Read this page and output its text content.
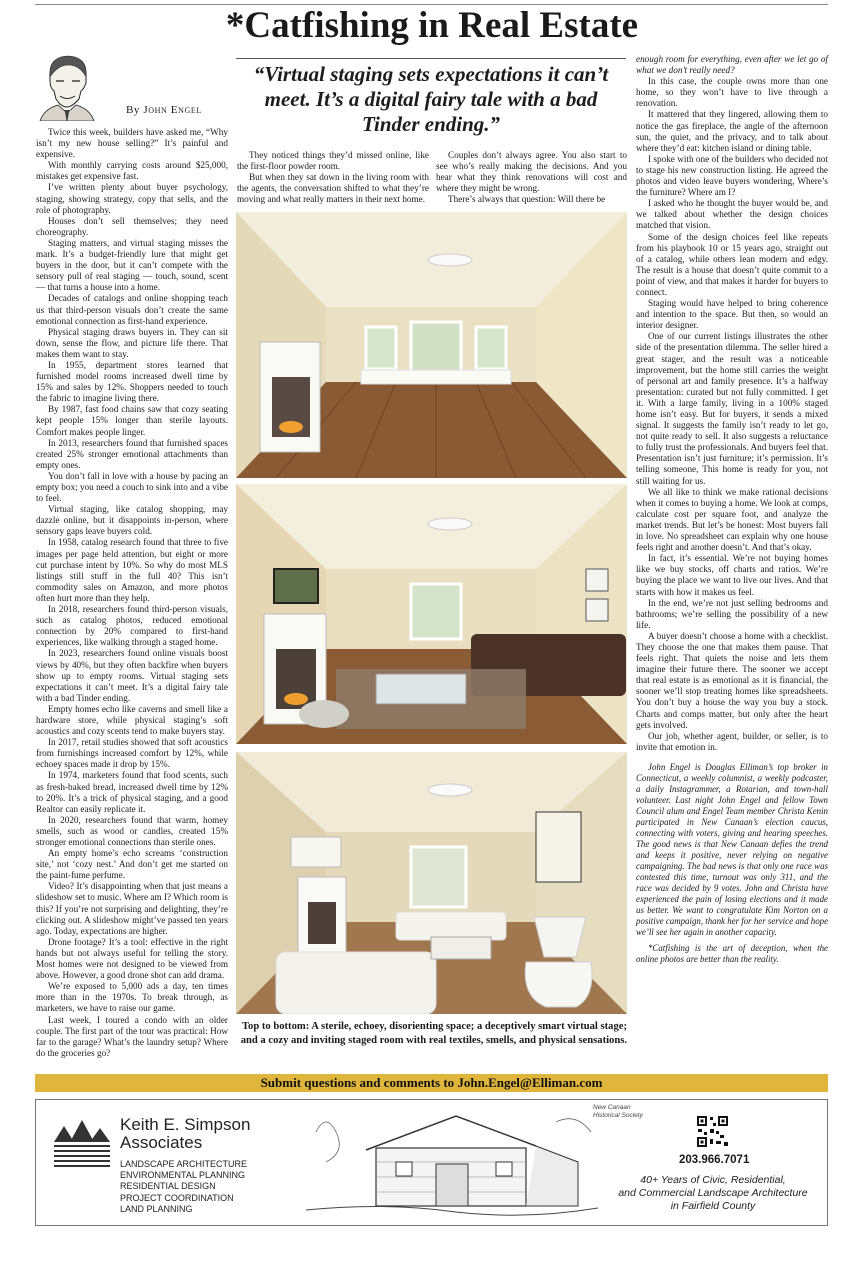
*Catfishing in Real Estate
By John Engel
“Virtual staging sets expectations it can’t meet. It’s a digital fairy tale with a bad Tinder ending.”

Twice this week, builders have asked me, “Why isn’t my new house selling?” It’s painful and expensive.

With monthly carrying costs around $25,000, mistakes get expensive fast.

I’ve written plenty about buyer psychology, staging, showing strategy, copy that sells, and the role of photography.

Houses don’t sell themselves; they need choreography.

Staging matters, and virtual staging misses the mark. It’s a budget-friendly lure that might get buyers in the door, but it can’t compete with the sensory pull of real staging — touch, sound, scent — that turns a house into a home.

Decades of catalogs and online shopping teach us that third-person visuals don’t create the same emotional connection as first-hand experience.

Physical staging draws buyers in. They can sit down, sense the flow, and picture life there. That makes them want to stay.

In 1955, department stores learned that furnished model rooms increased dwell time by 15% and sales by 12%. Shoppers needed to touch the fabric to imagine living there.

By 1987, fast food chains saw that cozy seating kept people 15% longer than sterile layouts. Comfort makes people linger.

In 2013, researchers found that furnished spaces created 25% stronger emotional attachments than empty ones.

You don’t fall in love with a house by pacing an empty box; you need a couch to sink into and a vibe to feel.

Virtual staging, like catalog shopping, may dazzle online, but it disappoints in-person, where sensory gaps leave buyers cold.

In 1958, catalog research found that three to five images per page held attention, but eight or more cut purchase intent by 10%. So why do most MLS listings still stuff in the full 40? This isn’t commodity sales on Amazon, and more photos often hurt more than they help.

In 2018, researchers found third-person visuals, such as catalog photos, reduced emotional connection by 20% compared to first-hand experiences, like walking through a staged home.

In 2023, researchers found online visuals boost views by 40%, but they often backfire when buyers show up to empty rooms. Virtual staging sets expectations it can’t meet. It’s a digital fairy tale with a bad Tinder ending.

Empty homes echo like caverns and smell like a hardware store, while physical staging’s soft acoustics and cozy scents tend to make buyers stay.

In 2017, retail studies showed that soft acoustics from furnishings increased comfort by 12%, while echoey spaces made it drop by 15%.

In 1974, marketers found that food scents, such as fresh-baked bread, increased dwell time by 12% to 20%. It’s a trick of physical staging, and a good Realtor can easily replicate it.

In 2020, researchers found that warm, homey smells, such as wood or candles, created 15% stronger emotional connections than sterile ones.

An empty home’s echo screams ‘construction site,’ not ‘cozy nest.’ And don’t get me started on the paint-fume perfume.

Video? It’s disappointing when that just means a slideshow set to music. Where am I? Which room is this? If you’re not surprising and delighting, they’re clicking out. A slideshow might’ve passed ten years ago. Today, expectations are higher.

Drone footage? It’s a tool: effective in the right hands but not always useful for telling the story. Most homes were not designed to be viewed from above. However, a good drone shot can add drama.

We’re exposed to 5,000 ads a day, ten times more than in the 1970s. To break through, as marketers, we have to raise our game.

Last week, I toured a condo with an older couple. The first part of the tour was practical: How far to the garage? What’s the laundry setup? Where do the groceries go?

They noticed things they’d missed online, like the first-floor powder room.

But when they sat down in the living room with the agents, the conversation shifted to what they’re moving and what really matters in their next home.

Couples don’t always agree. You also start to see who’s really making the decisions. And you hear what they think renovations will cost and where they might be wrong.

There’s always that question: Will there be

Top to bottom: A sterile, echoey, disorienting space; a deceptively smart virtual stage; and a cozy and inviting staged room with real textiles, smells, and physical sensations.

enough room for everything, even after we let go of what we don’t really need?

In this case, the couple owns more than one home, so they won’t have to live through a renovation.

It mattered that they lingered, allowing them to notice the gas fireplace, the angle of the afternoon sun, the quiet, and the privacy, and to talk about where they’d eat: kitchen island or dining table.

I spoke with one of the builders who decided not to stage his new construction listing. He agreed the photos and video leave buyers wondering, Where’s the furniture? Where am I?

I asked who he thought the buyer would be, and we talked about whether the design choices matched that vision.

Some of the design choices feel like repeats from his playbook 10 or 15 years ago, straight out of a catalog, while others lean modern and edgy. The result is a house that doesn’t quite commit to a point of view, and that makes it harder for buyers to connect.

Staging would have helped to bring coherence and intention to the space. But then, so would an interior designer.

One of our current listings illustrates the other side of the presentation dilemma. The seller hired a great stager, and the result was a noticeable improvement, but the home still carries the weight of personal art and family presence. It’s a halfway presentation: curated but not fully committed. I get it. With a large family, living in a 100% staged home isn’t easy. But for buyers, it sends a mixed signal. It suggests the family isn’t ready to let go, not quite ready to sell. It also suggests a reluctance to fully trust the professionals. And buyers feel that. Presentation isn’t just furniture; it’s permission. It’s telling someone, This home is ready for you, not still waiting for us.

We all like to think we make rational decisions when it comes to buying a home. We look at comps, calculate cost per square foot, and analyze the market trends. But let’s be honest: Most buyers fall in love. No spreadsheet can explain why one house feels right and another doesn’t. And that’s okay.

In fact, it’s essential. We’re not buying homes like we buy stocks, off charts and ratios. We’re buying the place we want to live our lives. And that starts with how it makes us feel.

In the end, we’re not just selling bedrooms and bathrooms; we’re selling the possibility of a new life.

A buyer doesn’t choose a home with a checklist. They choose the one that makes them pause. That feels right. That quiets the noise and lets them imagine their future there. The sooner we accept that real estate is as emotional as it is financial, the sooner we’ll stop treating homes like spreadsheets. You don’t buy a house the way you buy a stock. Charts and comps matter, but only after the heart gets involved.

Our job, whether agent, builder, or seller, is to invite that emotion in.

John Engel is Douglas Elliman’s top broker in Connecticut, a weekly columnist, a weekly podcaster, a daily Instagrammer, a Rotarian, and town-hall volunteer. Last night John Engel and fellow Town Council alum and Engel Team member Christa Kenin participated in New Canaan’s election caucus, connecting with voters, giving and hearing speeches. The good news is that New Canaan defies the trend and keeps it positive, never relying on negative campaigning. The bad news is that only one race was contested this time, turnout was only 311, and the race was decided by 9 votes. John and Christa have experienced the pain of losing elections and it made us better. We want to congratulate Kim Norton on a positive campaign, thank her for her service and hope we’ll see her again in another capacity.

*Catfishing is the art of deception, when the online photos are better than the reality.

Submit questions and comments to John.Engel@Elliman.com
Keith E. Simpson
Associates
LANDSCAPE ARCHITECTURE
ENVIRONMENTAL PLANNING
RESIDENTIAL DESIGN
PROJECT COORDINATION
LAND PLANNING
New Canaan
Historical Society
203.966.7071
40+ Years of Civic, Residential,
and Commercial Landscape Architecture
in Fairfield County
